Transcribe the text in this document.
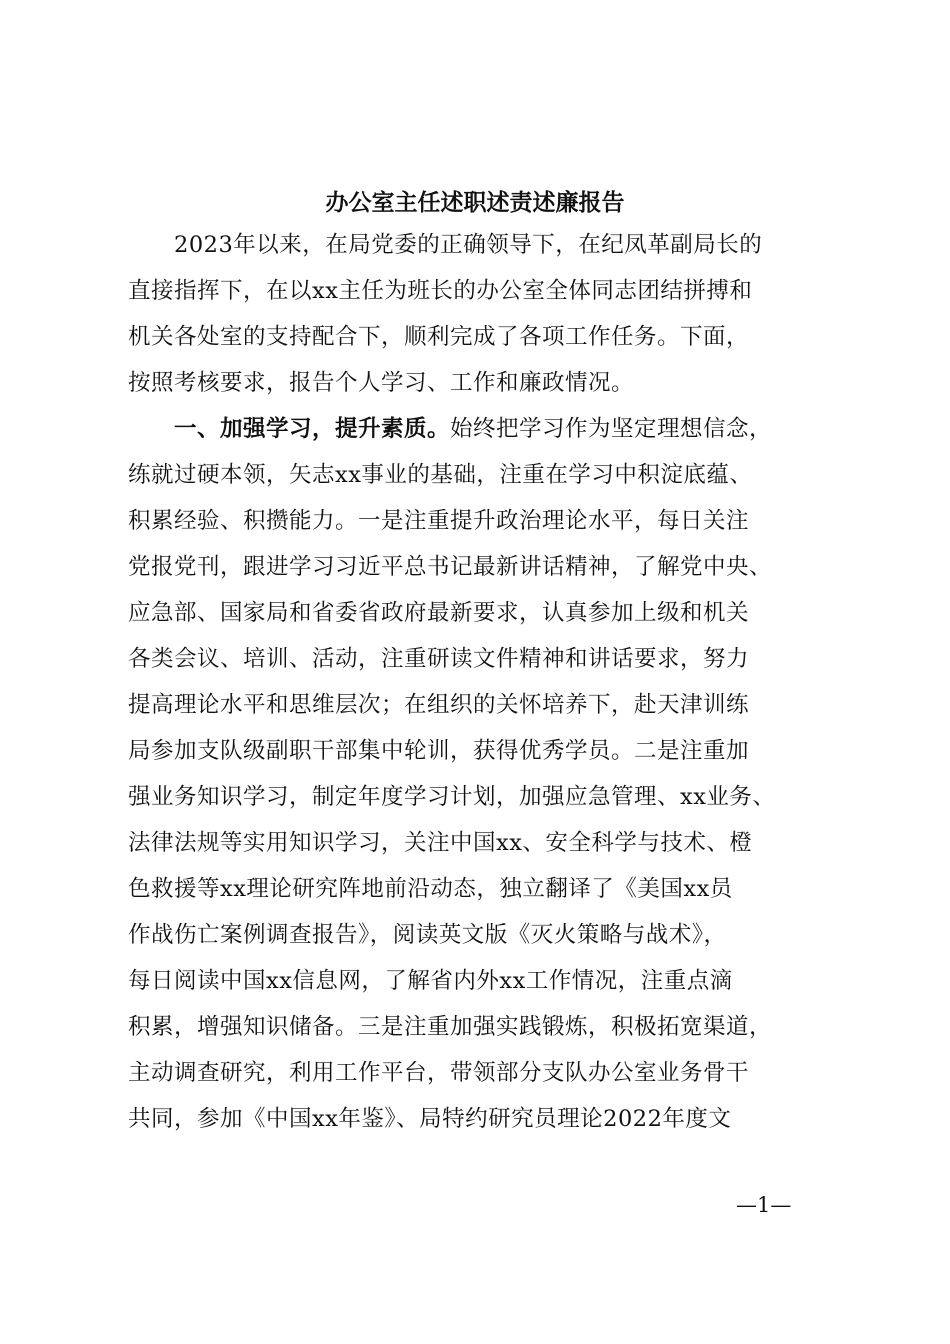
办公室主任述职述责述廉报告
2023年以来，在局党委的正确领导下，在纪凤革副局长的
直接指挥下，在以xx主任为班长的办公室全体同志团结拼搏和
机关各处室的支持配合下，顺利完成了各项工作任务。下面，
按照考核要求，报告个人学习、工作和廉政情况。
一、加强学习，提升素质。始终把学习作为坚定理想信念，
练就过硬本领，矢志xx事业的基础，注重在学习中积淀底蕴、
积累经验、积攒能力。一是注重提升政治理论水平，每日关注
党报党刊，跟进学习习近平总书记最新讲话精神，了解党中央、
应急部、国家局和省委省政府最新要求，认真参加上级和机关
各类会议、培训、活动，注重研读文件精神和讲话要求，努力
提高理论水平和思维层次；在组织的关怀培养下，赴天津训练
局参加支队级副职干部集中轮训，获得优秀学员。二是注重加
强业务知识学习，制定年度学习计划，加强应急管理、xx业务、
法律法规等实用知识学习，关注中国xx、安全科学与技术、橙
色救援等xx理论研究阵地前沿动态，独立翻译了《美国xx员
作战伤亡案例调查报告》，阅读英文版《灭火策略与战术》，
每日阅读中国xx信息网，了解省内外xx工作情况，注重点滴
积累，增强知识储备。三是注重加强实践锻炼，积极拓宽渠道，
主动调查研究，利用工作平台，带领部分支队办公室业务骨干
共同，参加《中国xx年鉴》、局特约研究员理论2022年度文
—1—
